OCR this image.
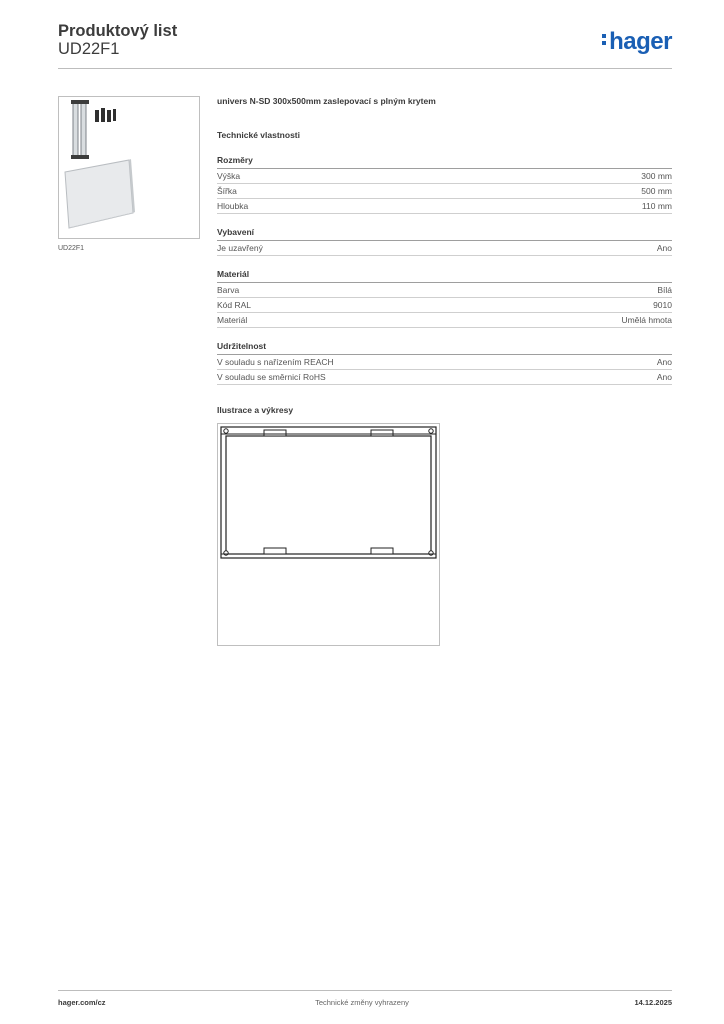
Produktový list
UD22F1	hager
UD22F1
univers N-SD 300x500mm zaslepovací s plným krytem
Technické vlastnosti
Rozměry
Výška	300 mm
Šířka	500 mm
Hloubka	110 mm
Vybavení
Je uzavřený	Ano
Materiál
Barva	Bílá
Kód RAL	9010
Materiál	Umělá hmota
Udržitelnost
V souladu s nařízením REACH	Ano
V souladu se směrnicí RoHS	Ano
Ilustrace a výkresy
hager.com/cz	Technické změny vyhrazeny	14.12.2025
